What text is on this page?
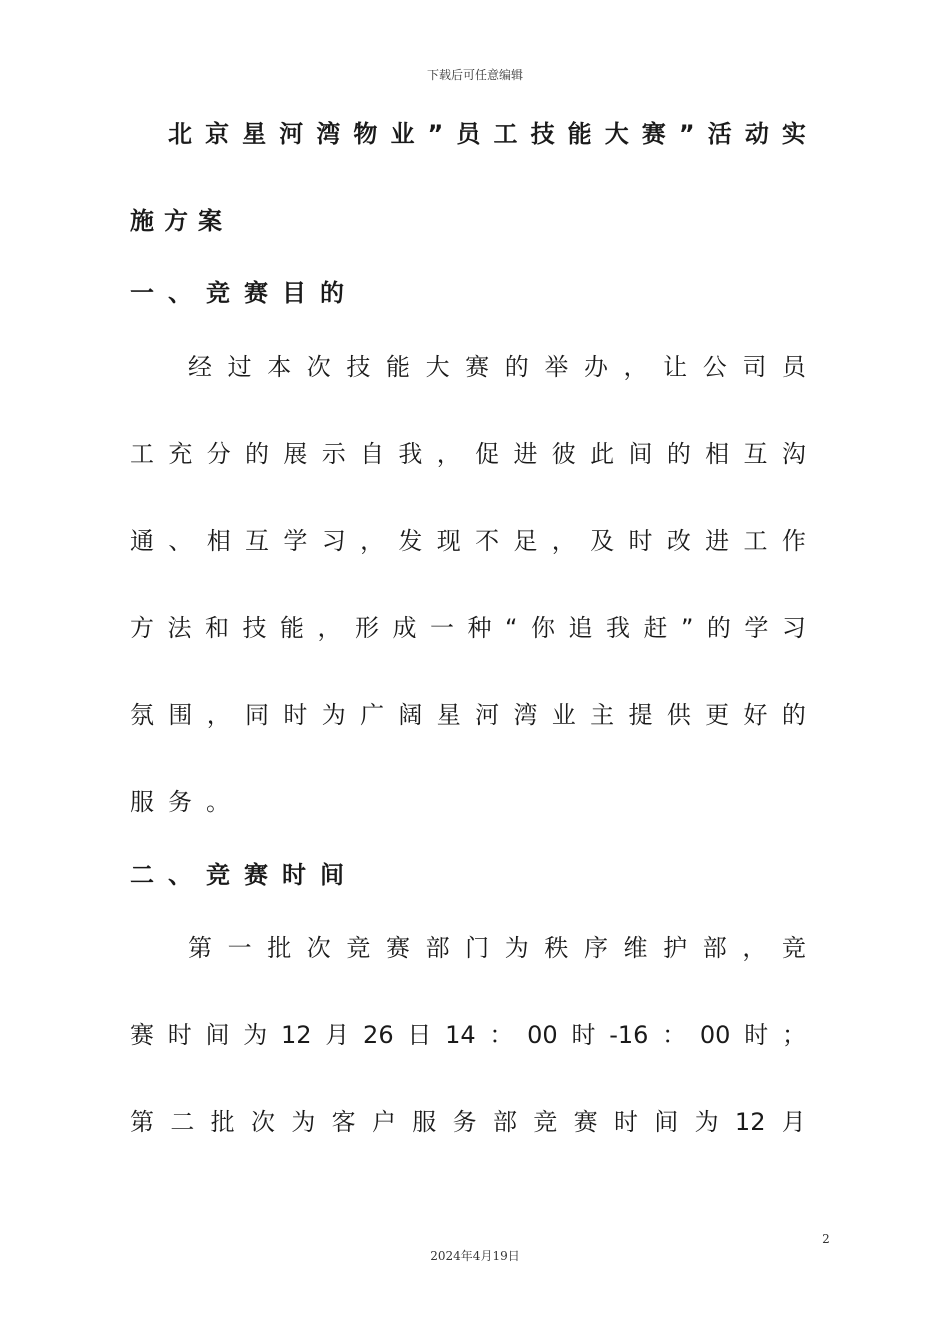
下载后可任意编辑
北 京 星 河 湾 物 业 ” 员 工 技 能 大 赛 ” 活 动 实
施 方 案
一 、 竞 赛 目 的
经 过 本 次 技 能 大 赛 的 举 办 ， 让 公 司 员
工 充 分 的 展 示 自 我 ， 促 进 彼 此 间 的 相 互 沟
通 、 相 互 学 习 ， 发 现 不 足 ， 及 时 改 进 工 作
方 法 和 技 能 ， 形 成 一 种 “ 你 追 我 赶 ” 的 学 习
氛 围 ， 同 时 为 广 阔 星 河 湾 业 主 提 供 更 好 的
服 务 。
二 、 竞 赛 时 间
第 一 批 次 竞 赛 部 门 为 秩 序 维 护 部 ， 竞
赛 时 间 为 12 月 26 日 14 ： 00 时 -16 ： 00 时 ；
第 二 批 次 为 客 户 服 务 部 竞 赛 时 间 为 12 月
2
2024年4月19日
